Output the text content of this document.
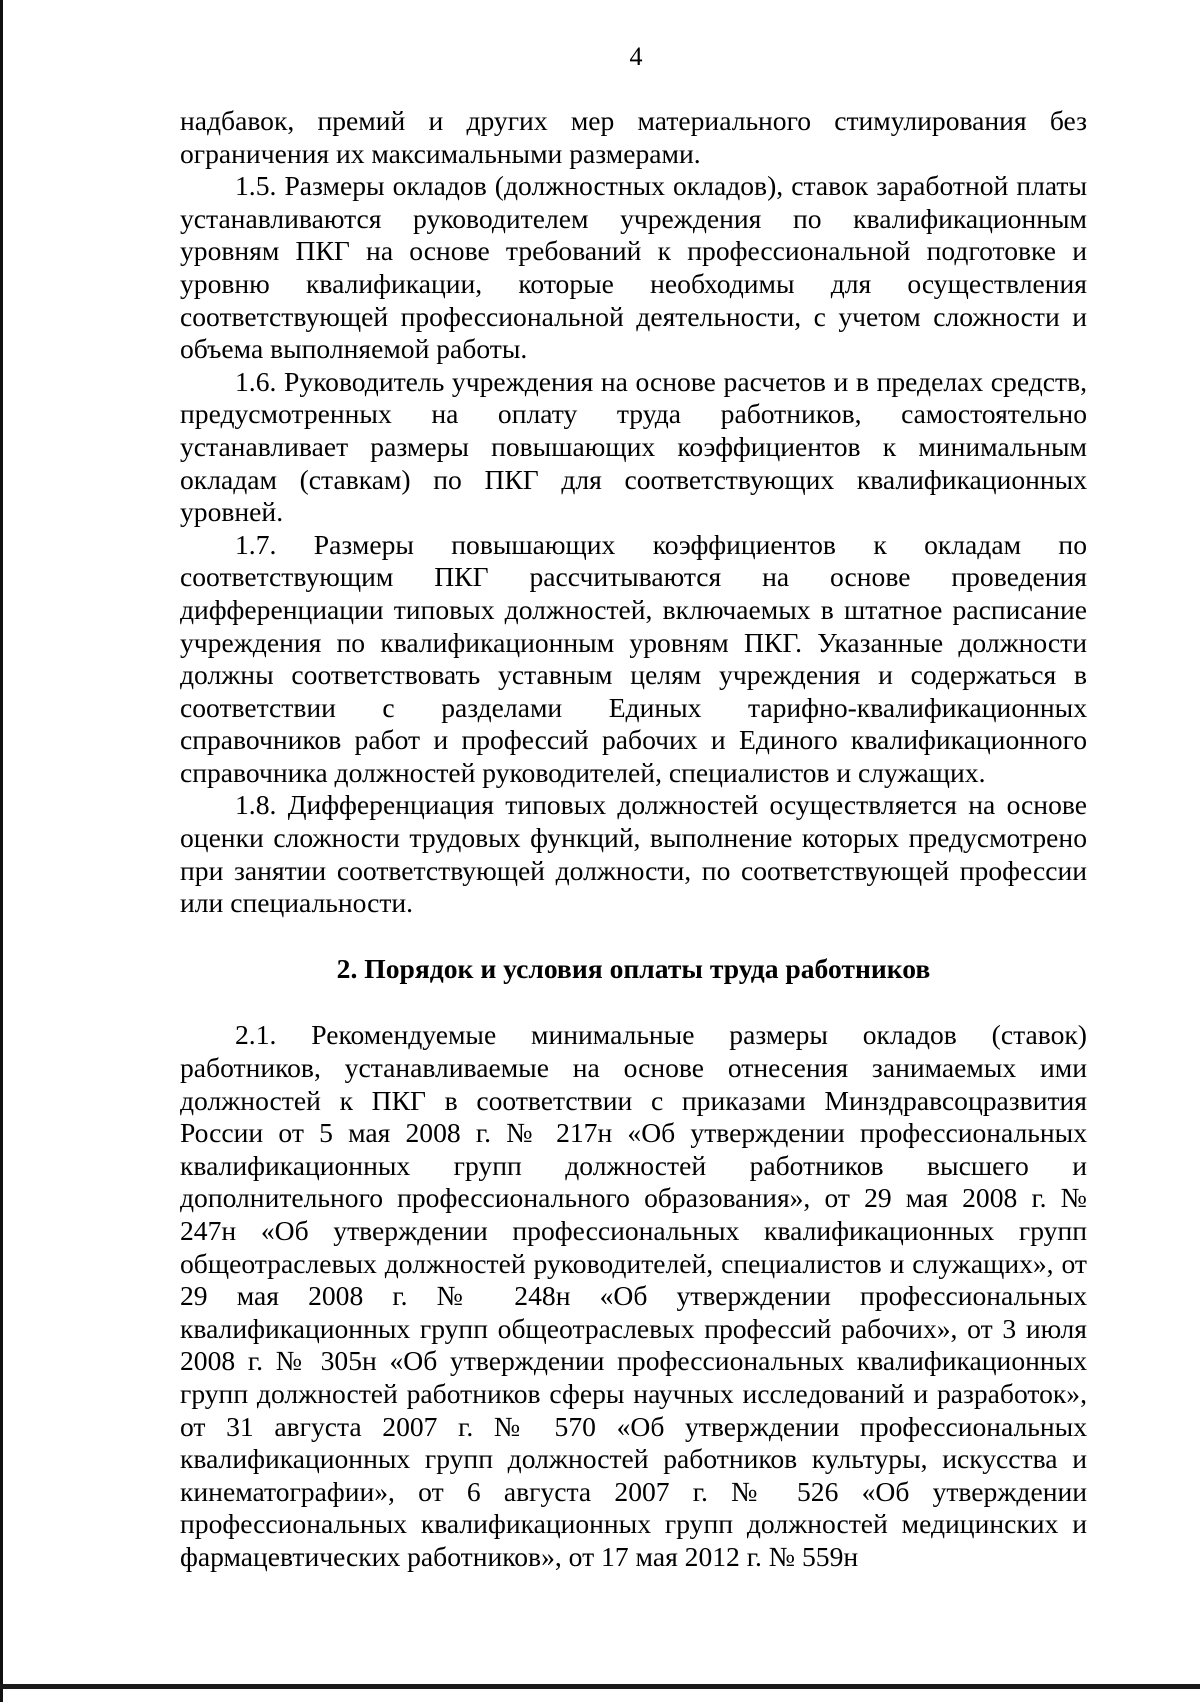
4

надбавок, премий и других мер материального стимулирования без ограничения их максимальными размерами.

1.5. Размеры окладов (должностных окладов), ставок заработной платы устанавливаются руководителем учреждения по квалификационным уровням ПКГ на основе требований к профессиональной подготовке и уровню квалификации, которые необходимы для осуществления соответствующей профессиональной деятельности, с учетом сложности и объема выполняемой работы.

1.6. Руководитель учреждения на основе расчетов и в пределах средств, предусмотренных на оплату труда работников, самостоятельно устанавливает размеры повышающих коэффициентов к минимальным окладам (ставкам) по ПКГ для соответствующих квалификационных уровней.

1.7. Размеры повышающих коэффициентов к окладам по соответствующим ПКГ рассчитываются на основе проведения дифференциации типовых должностей, включаемых в штатное расписание учреждения по квалификационным уровням ПКГ. Указанные должности должны соответствовать уставным целям учреждения и содержаться в соответствии с разделами Единых тарифно-квалификационных справочников работ и профессий рабочих и Единого квалификационного справочника должностей руководителей, специалистов и служащих.

1.8. Дифференциация типовых должностей осуществляется на основе оценки сложности трудовых функций, выполнение которых предусмотрено при занятии соответствующей должности, по соответствующей профессии или специальности.

2. Порядок и условия оплаты труда работников

2.1. Рекомендуемые минимальные размеры окладов (ставок) работников, устанавливаемые на основе отнесения занимаемых ими должностей к ПКГ в соответствии с приказами Минздравсоцразвития России от 5 мая 2008 г. № 217н «Об утверждении профессиональных квалификационных групп должностей работников высшего и дополнительного профессионального образования», от 29 мая 2008 г. № 247н «Об утверждении профессиональных квалификационных групп общеотраслевых должностей руководителей, специалистов и служащих», от 29 мая 2008 г. № 248н «Об утверждении профессиональных квалификационных групп общеотраслевых профессий рабочих», от 3 июля 2008 г. № 305н «Об утверждении профессиональных квалификационных групп должностей работников сферы научных исследований и разработок», от 31 августа 2007 г. № 570 «Об утверждении профессиональных квалификационных групп должностей работников культуры, искусства и кинематографии», от 6 августа 2007 г. № 526 «Об утверждении профессиональных квалификационных групп должностей медицинских и фармацевтических работников», от 17 мая 2012 г. № 559н
